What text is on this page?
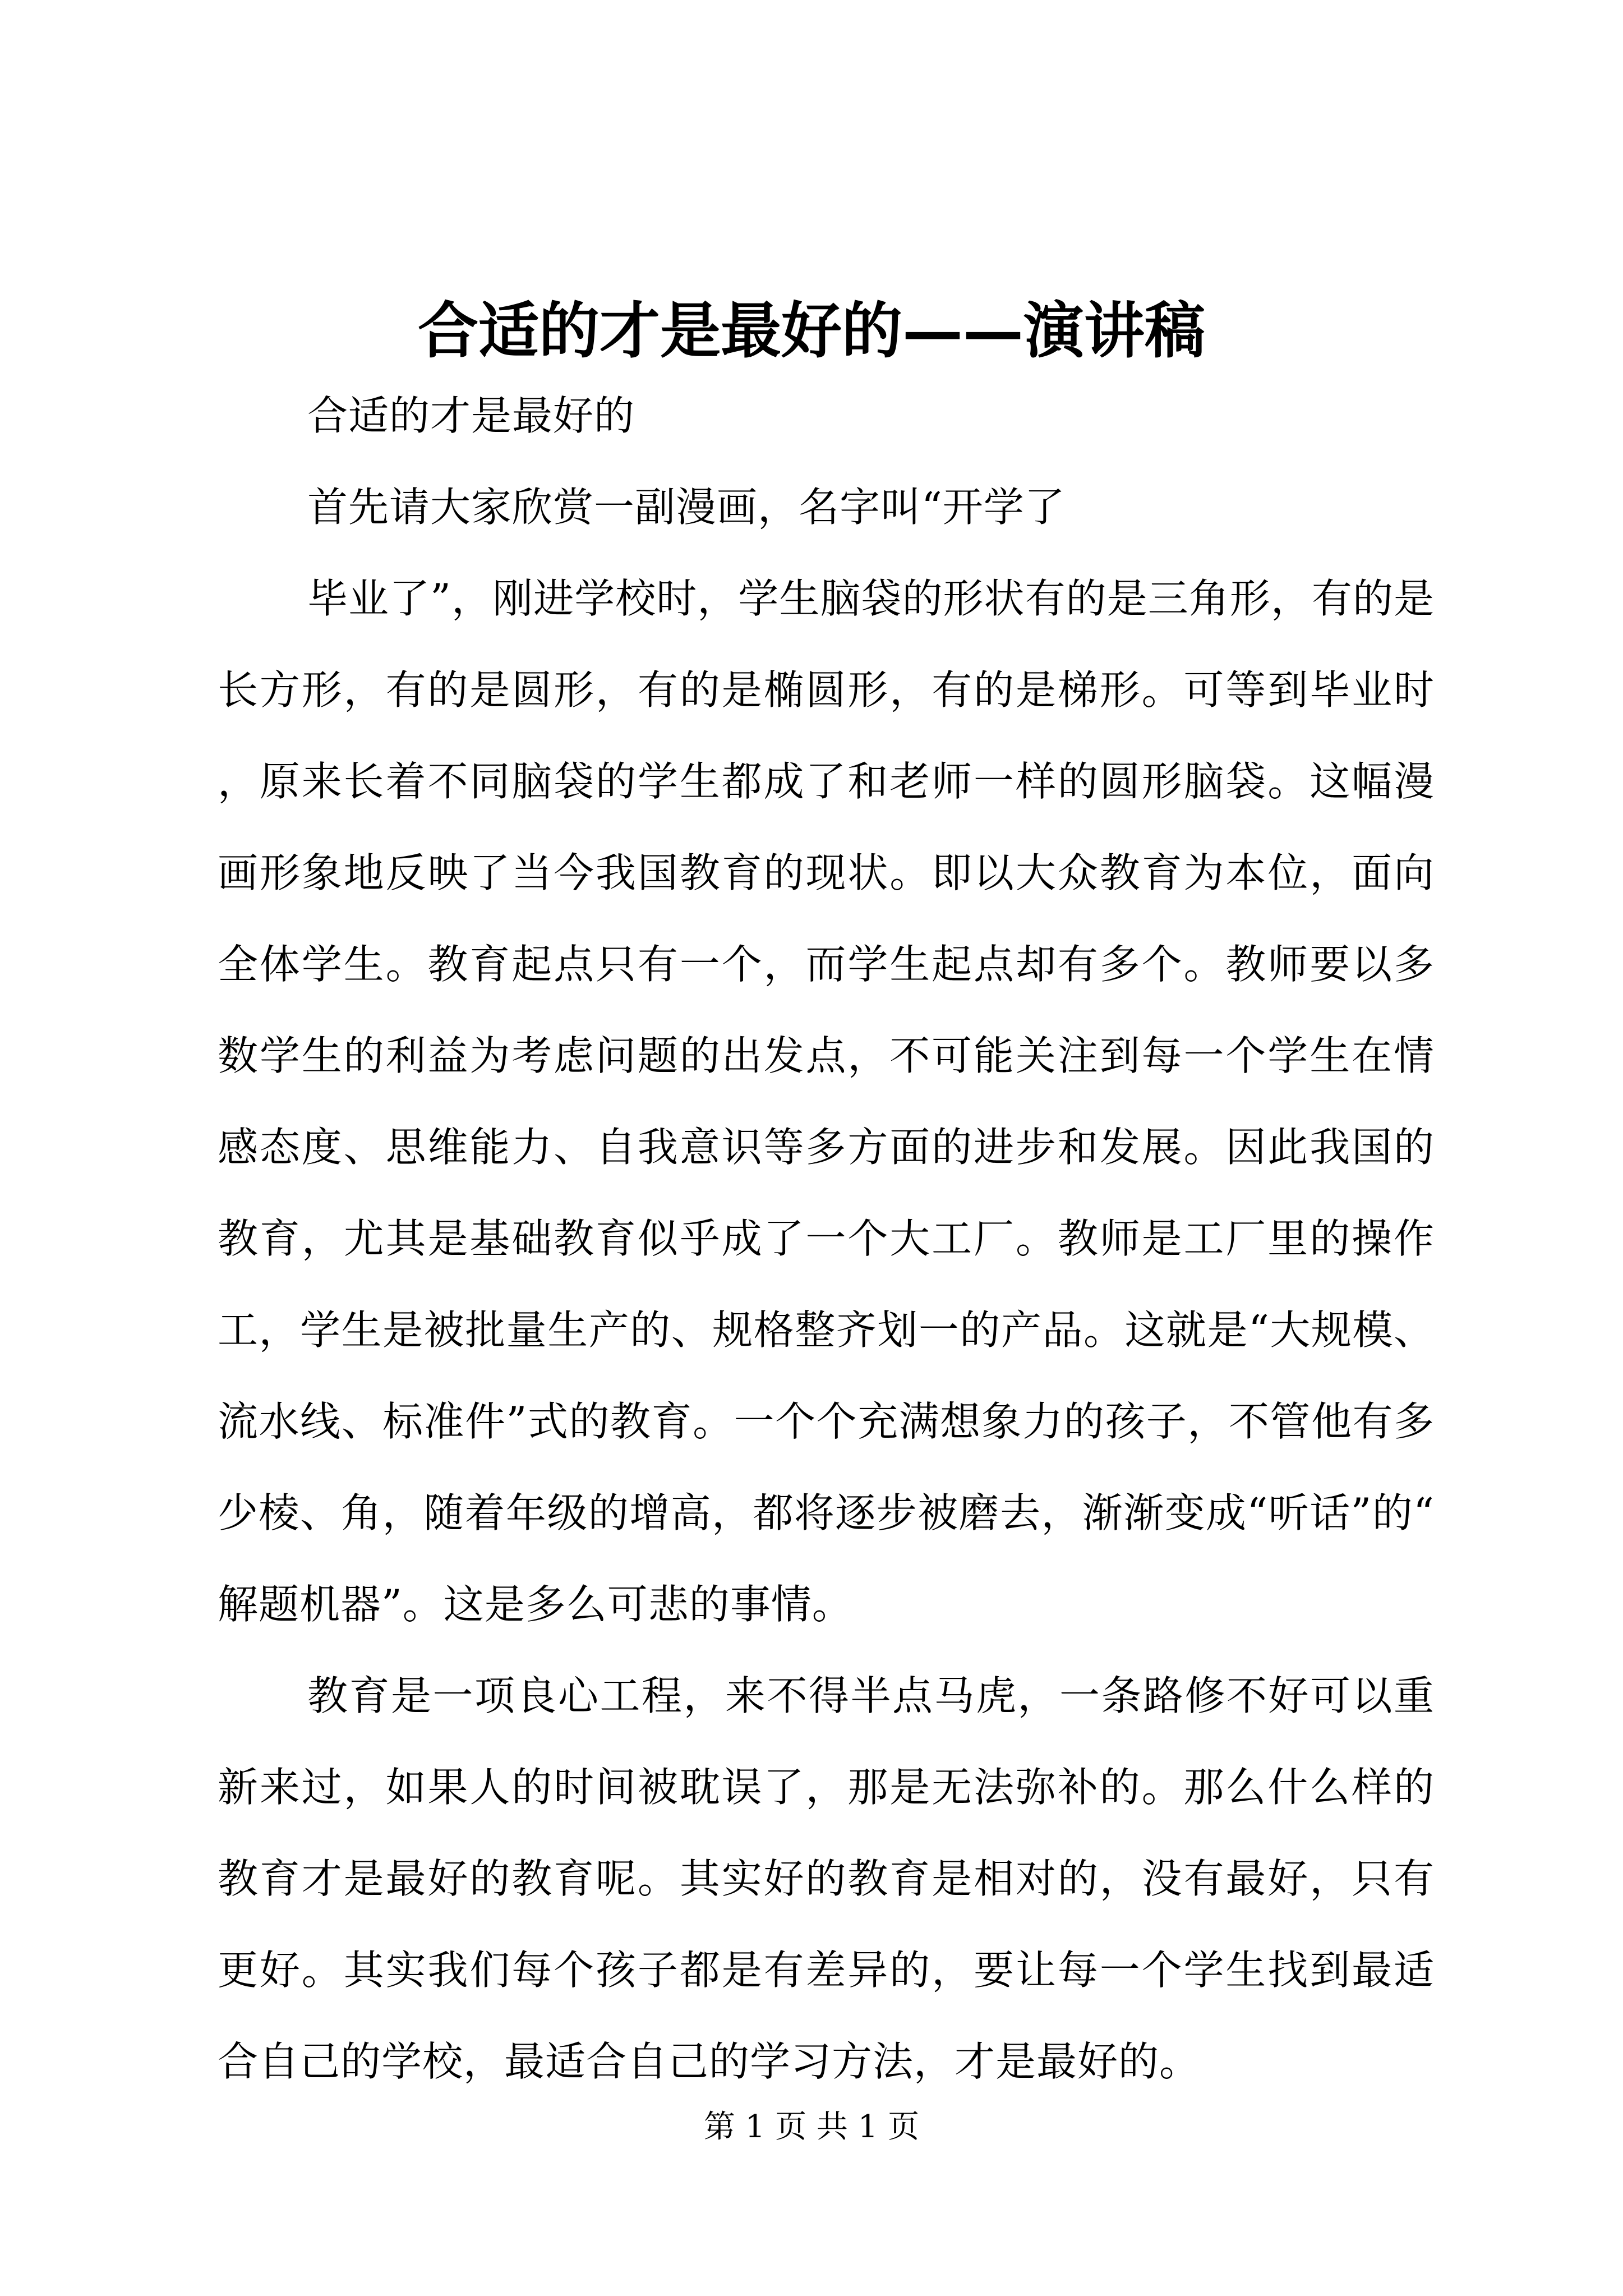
合适的才是最好的——演讲稿

合适的才是最好的

首先请大家欣赏一副漫画，名字叫“开学了

毕业了”，刚进学校时，学生脑袋的形状有的是三角形，有的是长方形，有的是圆形，有的是椭圆形，有的是梯形。可等到毕业时，原来长着不同脑袋的学生都成了和老师一样的圆形脑袋。这幅漫画形象地反映了当今我国教育的现状。即以大众教育为本位，面向全体学生。教育起点只有一个，而学生起点却有多个。教师要以多数学生的利益为考虑问题的出发点，不可能关注到每一个学生在情感态度、思维能力、自我意识等多方面的进步和发展。因此我国的教育，尤其是基础教育似乎成了一个大工厂。教师是工厂里的操作工，学生是被批量生产的、规格整齐划一的产品。这就是“大规模、流水线、标准件”式的教育。一个个充满想象力的孩子，不管他有多少棱、角，随着年级的增高，都将逐步被磨去，渐渐变成“听话”的“解题机器”。这是多么可悲的事情。

教育是一项良心工程，来不得半点马虎，一条路修不好可以重新来过，如果人的时间被耽误了，那是无法弥补的。那么什么样的教育才是最好的教育呢。其实好的教育是相对的，没有最好，只有更好。其实我们每个孩子都是有差异的，要让每一个学生找到最适合自己的学校，最适合自己的学习方法，才是最好的。

第 1 页 共 1 页
